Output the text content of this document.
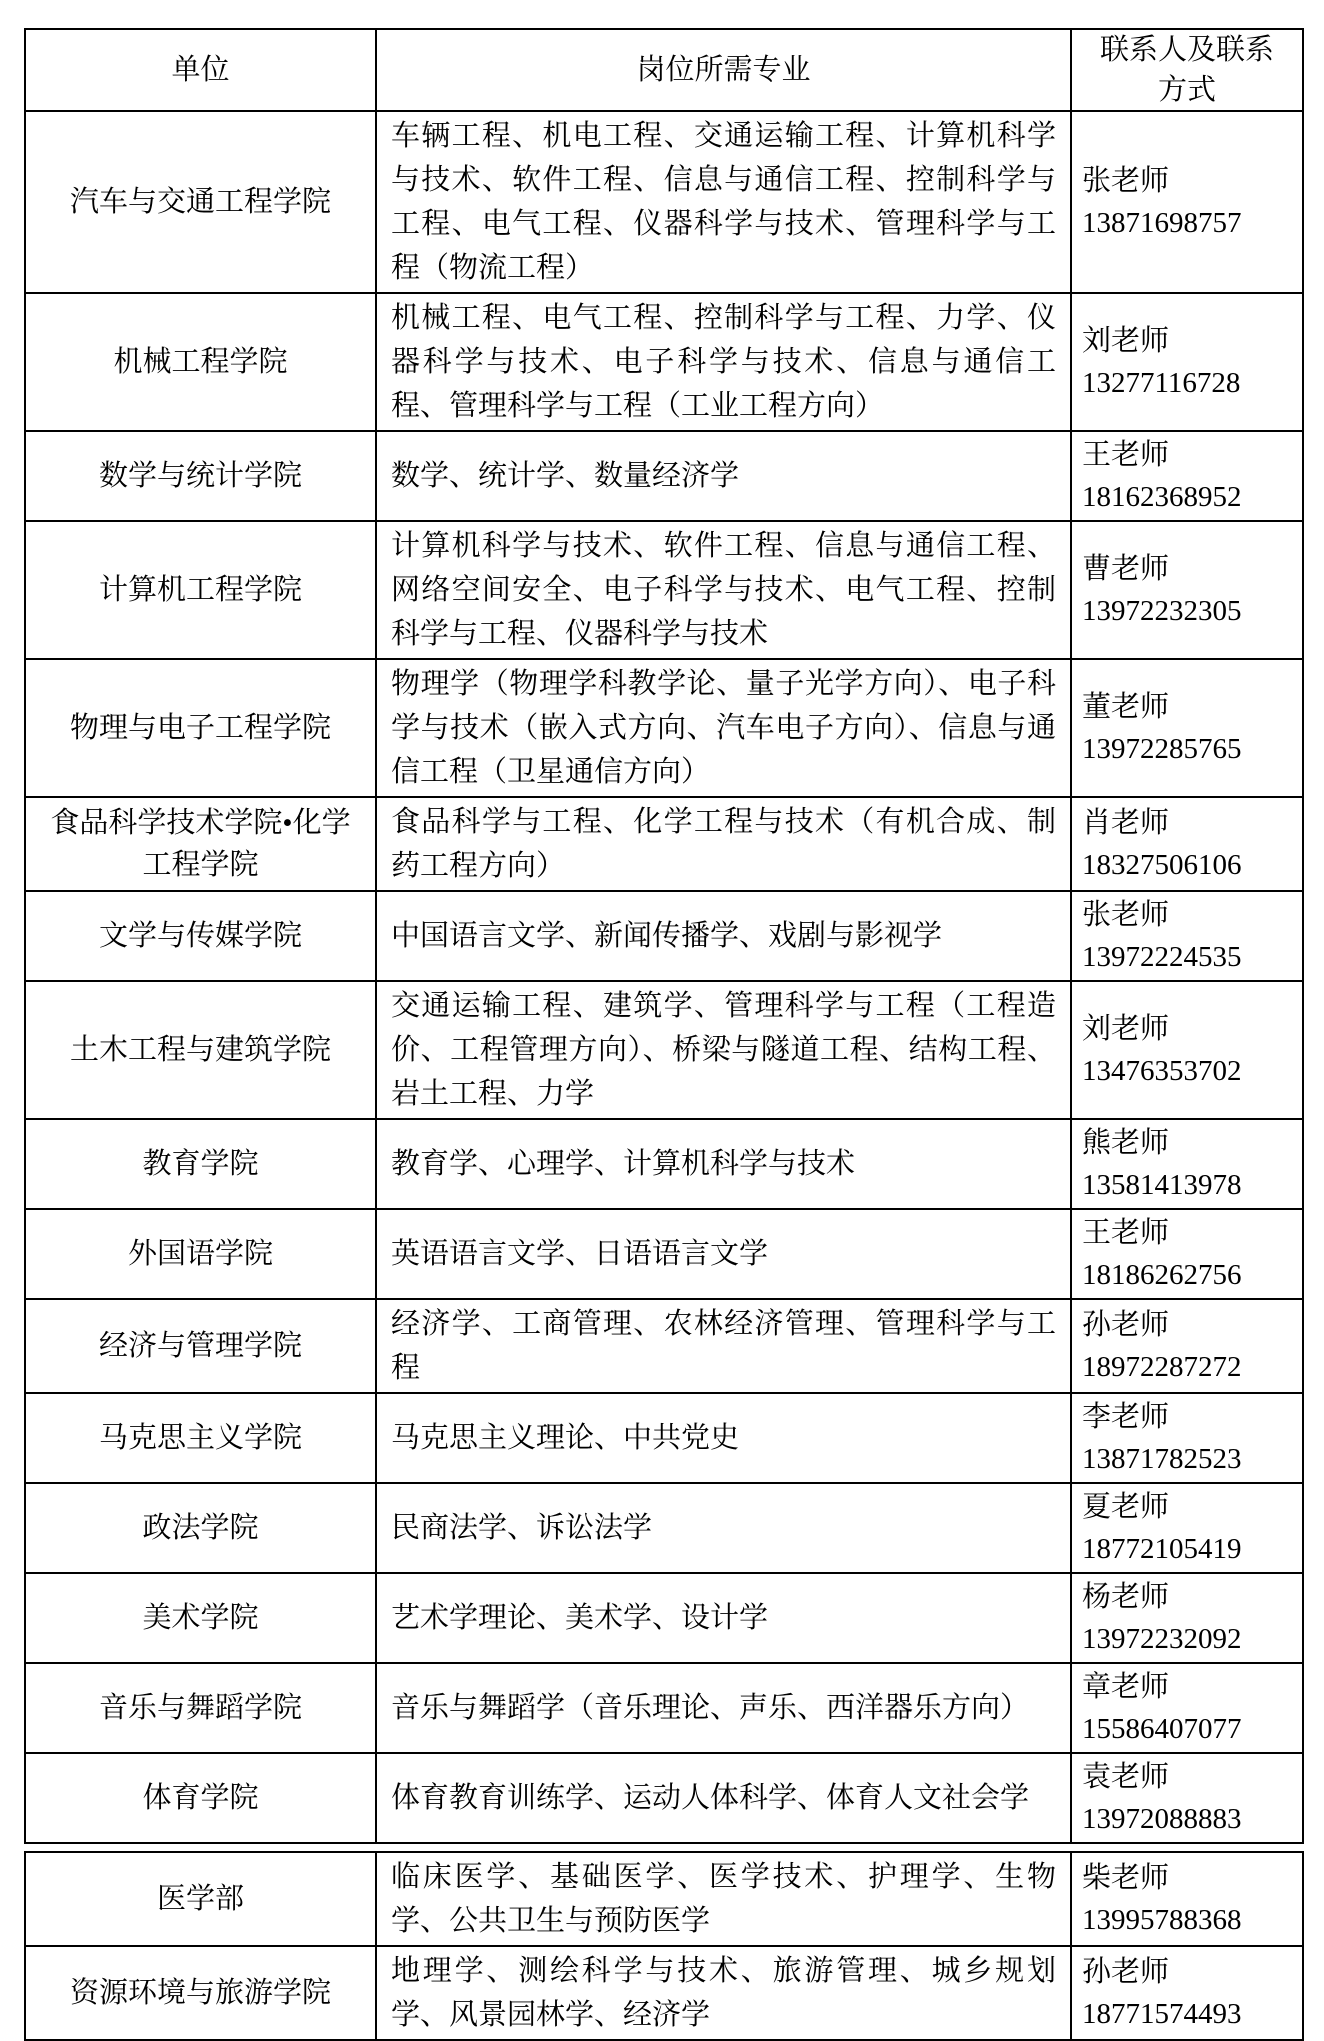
单位	岗位所需专业	联系人及联系方式
汽车与交通工程学院	车辆工程、机电工程、交通运输工程、计算机科学与技术、软件工程、信息与通信工程、控制科学与工程、电气工程、仪器科学与技术、管理科学与工程（物流工程）	张老师
13871698757

机械工程学院	机械工程、电气工程、控制科学与工程、力学、仪器科学与技术、电子科学与技术、信息与通信工程、管理科学与工程（工业工程方向）	刘老师
13277116728

数学与统计学院	数学、统计学、数量经济学	王老师
18162368952

计算机工程学院	计算机科学与技术、软件工程、信息与通信工程、网络空间安全、电子科学与技术、电气工程、控制科学与工程、仪器科学与技术	曹老师
13972232305

物理与电子工程学院	物理学（物理学科教学论、量子光学方向）、电子科学与技术（嵌入式方向、汽车电子方向）、信息与通信工程（卫星通信方向）	董老师
13972285765

食品科学技术学院•化学工程学院	食品科学与工程、化学工程与技术（有机合成、制药工程方向）	肖老师
18327506106

文学与传媒学院	中国语言文学、新闻传播学、戏剧与影视学	张老师
13972224535

土木工程与建筑学院	交通运输工程、建筑学、管理科学与工程（工程造价、工程管理方向）、桥梁与隧道工程、结构工程、岩土工程、力学	刘老师
13476353702

教育学院	教育学、心理学、计算机科学与技术	熊老师
13581413978

外国语学院	英语语言文学、日语语言文学	王老师
18186262756

经济与管理学院	经济学、工商管理、农林经济管理、管理科学与工程	孙老师
18972287272

马克思主义学院	马克思主义理论、中共党史	李老师
13871782523

政法学院	民商法学、诉讼法学	夏老师
18772105419

美术学院	艺术学理论、美术学、设计学	杨老师
13972232092

音乐与舞蹈学院	音乐与舞蹈学（音乐理论、声乐、西洋器乐方向）	章老师
15586407077

体育学院	体育教育训练学、运动人体科学、体育人文社会学	袁老师
13972088883
医学部	临床医学、基础医学、医学技术、护理学、生物学、公共卫生与预防医学	柴老师
13995788368

资源环境与旅游学院	地理学、测绘科学与技术、旅游管理、城乡规划学、风景园林学、经济学	孙老师
18771574493
